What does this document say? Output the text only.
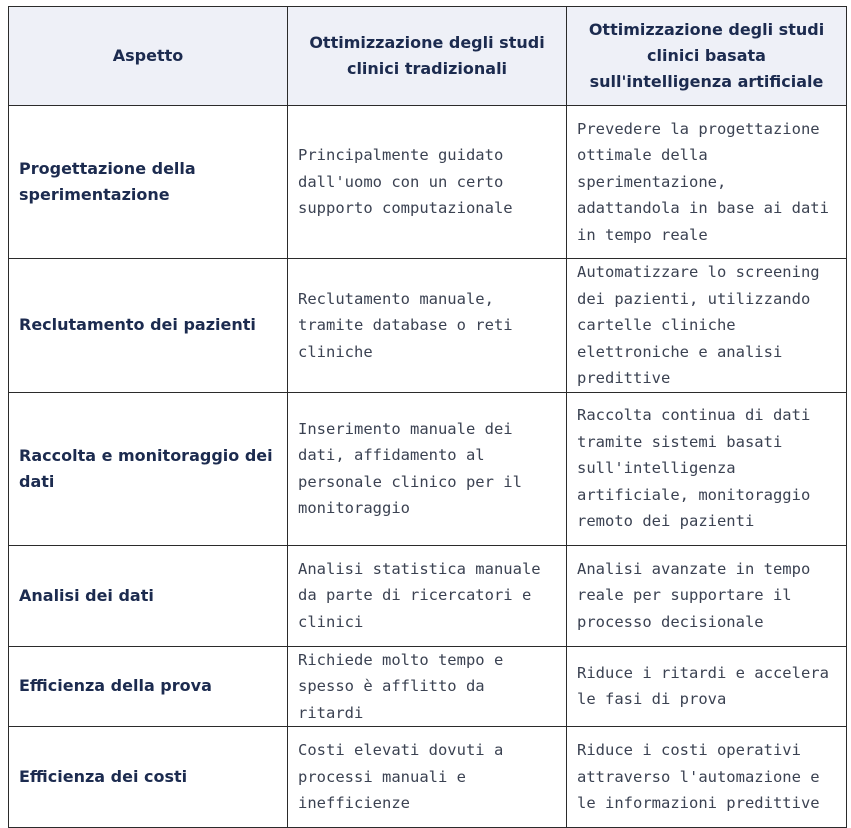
Aspetto	Ottimizzazione degli studi clinici tradizionali	Ottimizzazione degli studi clinici basata sull'intelligenza artificiale
Progettazione della sperimentazione	Principalmente guidato dall'uomo con un certo supporto computazionale	Prevedere la progettazione ottimale della sperimentazione, adattandola in base ai dati in tempo reale
Reclutamento dei pazienti	Reclutamento manuale, tramite database o reti cliniche	Automatizzare lo screening dei pazienti, utilizzando cartelle cliniche elettroniche e analisi predittive
Raccolta e monitoraggio dei dati	Inserimento manuale dei dati, affidamento al personale clinico per il monitoraggio	Raccolta continua di dati tramite sistemi basati sull'intelligenza artificiale, monitoraggio remoto dei pazienti
Analisi dei dati	Analisi statistica manuale da parte di ricercatori e clinici	Analisi avanzate in tempo reale per supportare il processo decisionale
Efficienza della prova	Richiede molto tempo e spesso è afflitto da ritardi	Riduce i ritardi e accelera le fasi di prova
Efficienza dei costi	Costi elevati dovuti a processi manuali e inefficienze	Riduce i costi operativi attraverso l'automazione e le informazioni predittive
